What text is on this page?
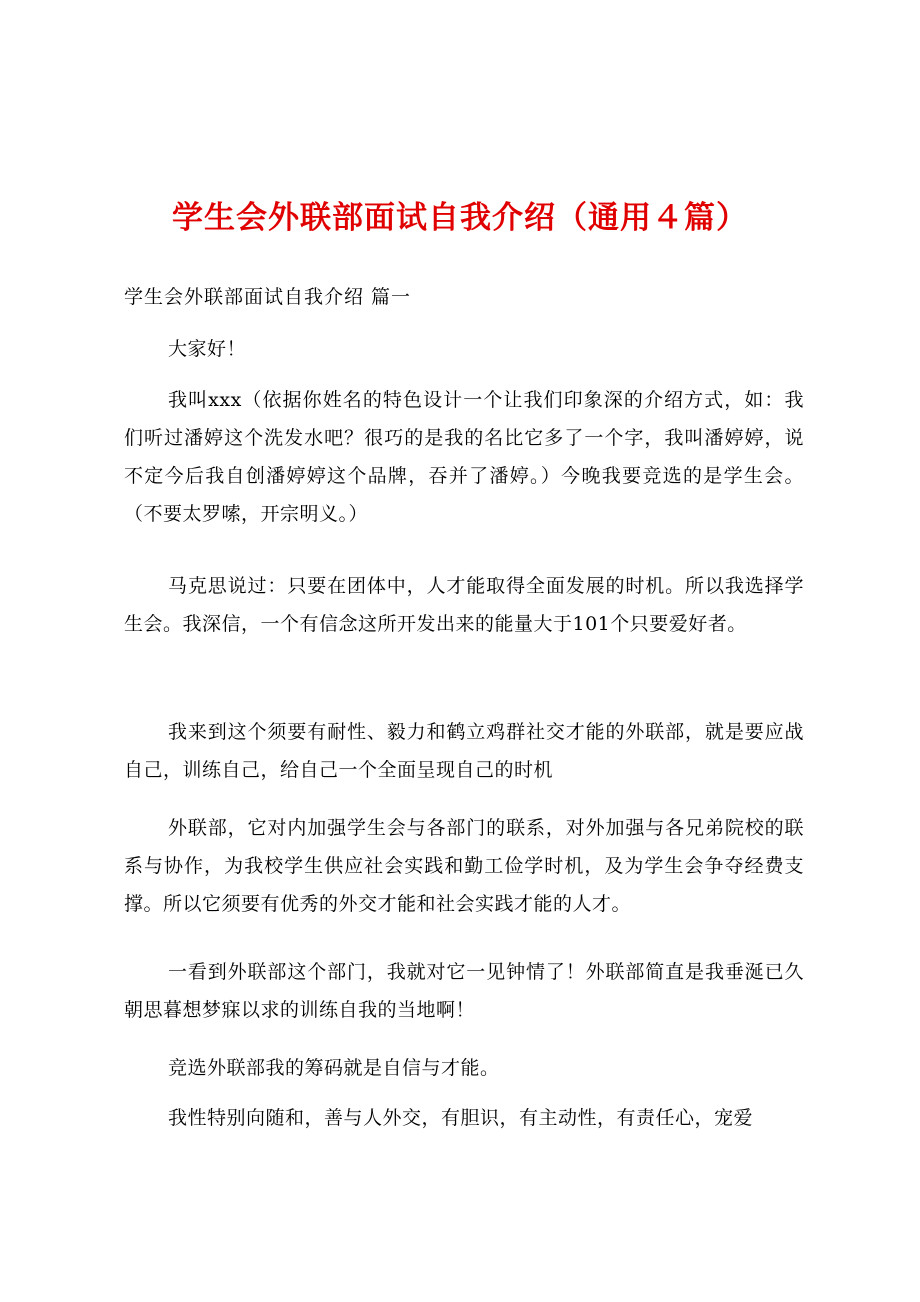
学生会外联部面试自我介绍（通用４篇）
学生会外联部面试自我介绍 篇一

大家好！

我叫xxx（依据你姓名的特色设计一个让我们印象深的介绍方式，如：我们听过潘婷这个洗发水吧？很巧的是我的名比它多了一个字，我叫潘婷婷，说不定今后我自创潘婷婷这个品牌，吞并了潘婷。）今晚我要竞选的是学生会。（不要太罗嗦，开宗明义。）

马克思说过：只要在团体中，人才能取得全面发展的时机。所以我选择学生会。我深信，一个有信念这所开发出来的能量大于101个只要爱好者。

我来到这个须要有耐性、毅力和鹤立鸡群社交才能的外联部，就是要应战自己，训练自己，给自己一个全面呈现自己的时机

外联部，它对内加强学生会与各部门的联系，对外加强与各兄弟院校的联系与协作，为我校学生供应社会实践和勤工俭学时机，及为学生会争夺经费支撑。所以它须要有优秀的外交才能和社会实践才能的人才。

一看到外联部这个部门，我就对它一见钟情了！外联部简直是我垂涎已久朝思暮想梦寐以求的训练自我的当地啊！

竞选外联部我的筹码就是自信与才能。

我性特别向随和，善与人外交，有胆识，有主动性，有责任心，宠爱
